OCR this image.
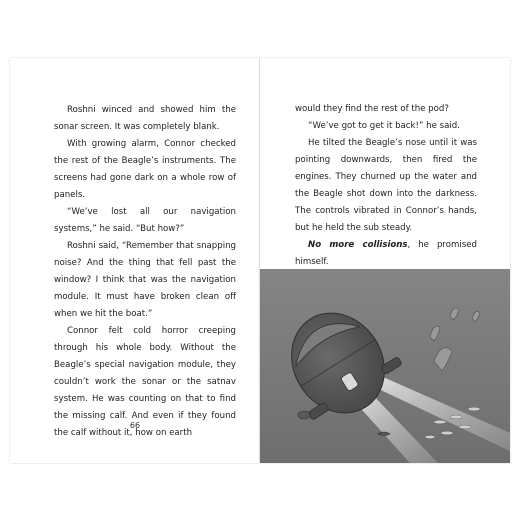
Roshni winced and showed him the sonar screen. It was completely blank.

With growing alarm, Connor checked the rest of the Beagle’s instruments. The screens had gone dark on a whole row of panels.

“We’ve lost all our navigation systems,” he said. “But how?”

Roshni said, “Remember that snapping noise? And the thing that fell past the window? I think that was the navigation module. It must have broken clean off when we hit the boat.”

Connor felt cold horror creeping through his whole body. Without the Beagle’s special navigation module, they couldn’t work the sonar or the satnav system. He was counting on that to find the missing calf. And even if they found the calf without it, how on earth

66

would they find the rest of the pod?

“We’ve got to get it back!” he said.

He tilted the Beagle’s nose until it was pointing downwards, then fired the engines. They churned up the water and the Beagle shot down into the darkness. The controls vibrated in Connor’s hands, but he held the sub steady.

No more collisions, he promised himself.
